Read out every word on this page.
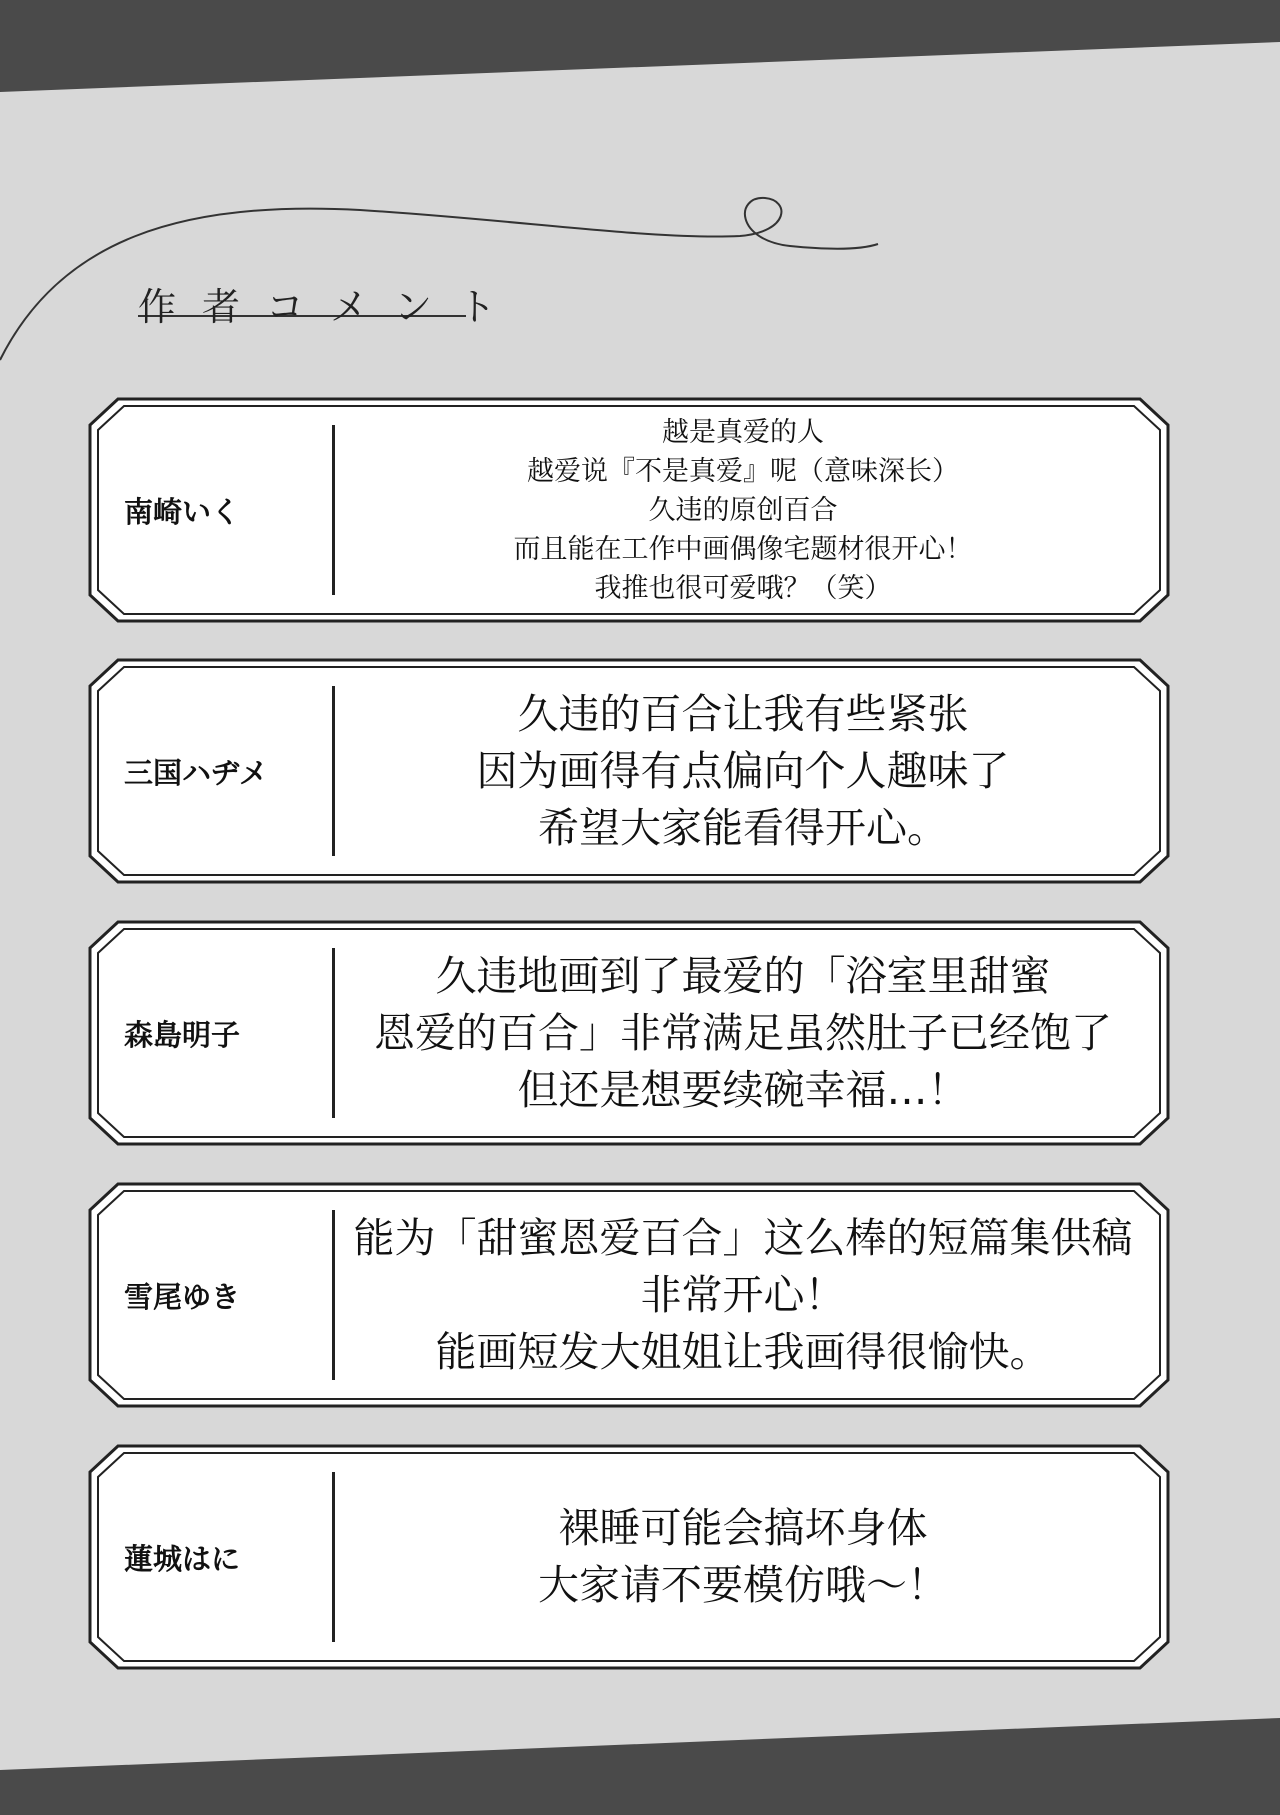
作者コメント
南崎いく
越是真爱的人
越爱说『不是真爱』呢（意味深长）
久违的原创百合
而且能在工作中画偶像宅题材很开心！
我推也很可爱哦？（笑）
三国ハヂメ
久违的百合让我有些紧张
因为画得有点偏向个人趣味了
希望大家能看得开心。
森島明子
久违地画到了最爱的「浴室里甜蜜
恩爱的百合」非常满足虽然肚子已经饱了
但还是想要续碗幸福…！
雪尾ゆき
能为「甜蜜恩爱百合」这么棒的短篇集供稿
非常开心！
能画短发大姐姐让我画得很愉快。
蓮城はに
裸睡可能会搞坏身体
大家请不要模仿哦～！
